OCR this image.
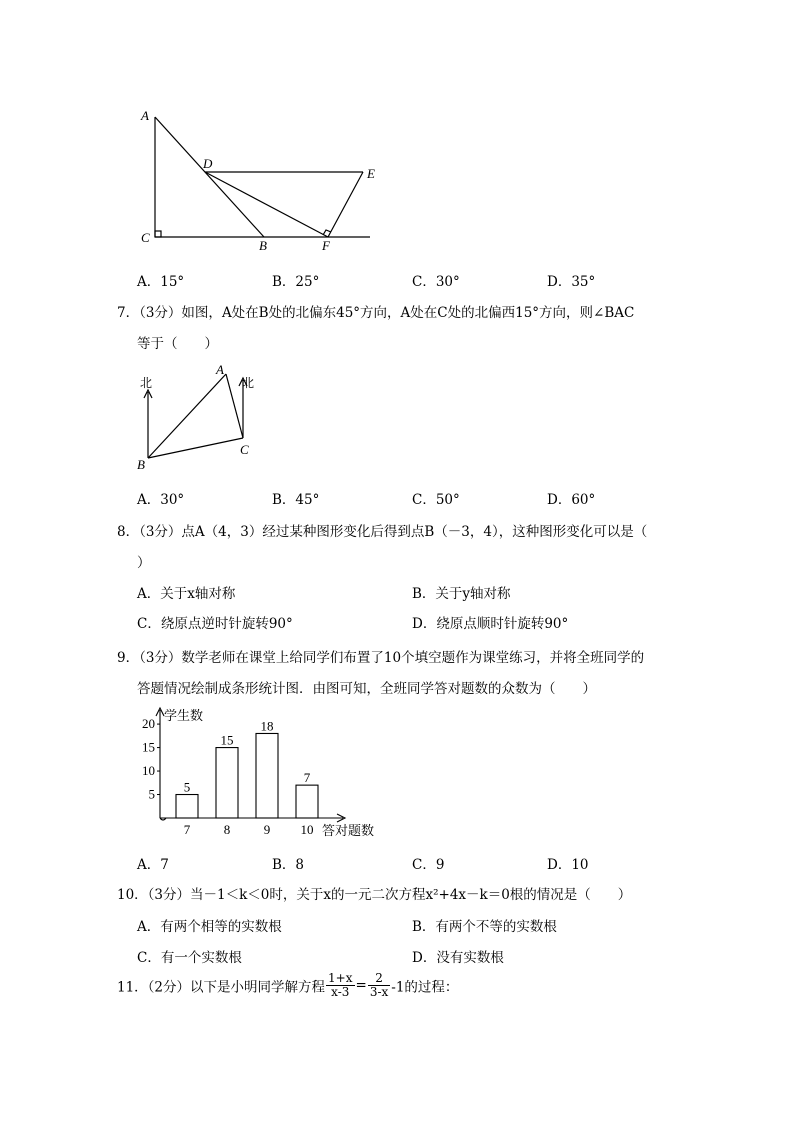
A
D
E
C
B	F
A．15°	B．25°	C．30°	D．35°
7．（3分）如图，A处在B处的北偏东45°方向，A处在C处的北偏西15°方向，则∠BAC
等于（　　）
北	北
A
B
C
A．30°	B．45°	C．50°	D．60°
8．（3分）点A（4，3）经过某种图形变化后得到点B（－3，4），这种图形变化可以是（
）
A．关于x轴对称	B．关于y轴对称
C．绕原点逆时针旋转90°	D．绕原点顺时针旋转90°
9．（3分）数学老师在课堂上给同学们布置了10个填空题作为课堂练习，并将全班同学的
答题情况绘制成条形统计图．由图可知，全班同学答对题数的众数为（　　）
学生数
答对题数
5
10
15
20
5
7
15
8
18
9
7
10
A．7	B．8	C．9	D．10
10．（3分）当－1＜k＜0时，关于x的一元二次方程x²+4x－k＝0根的情况是（　　）
A．有两个相等的实数根	B．有两个不等的实数根
C．有一个实数根	D．没有实数根
11．（2分）以下是小明同学解方程 $\frac{1+x}{x-3} = \frac{2}{3-x} -1$的过程：
